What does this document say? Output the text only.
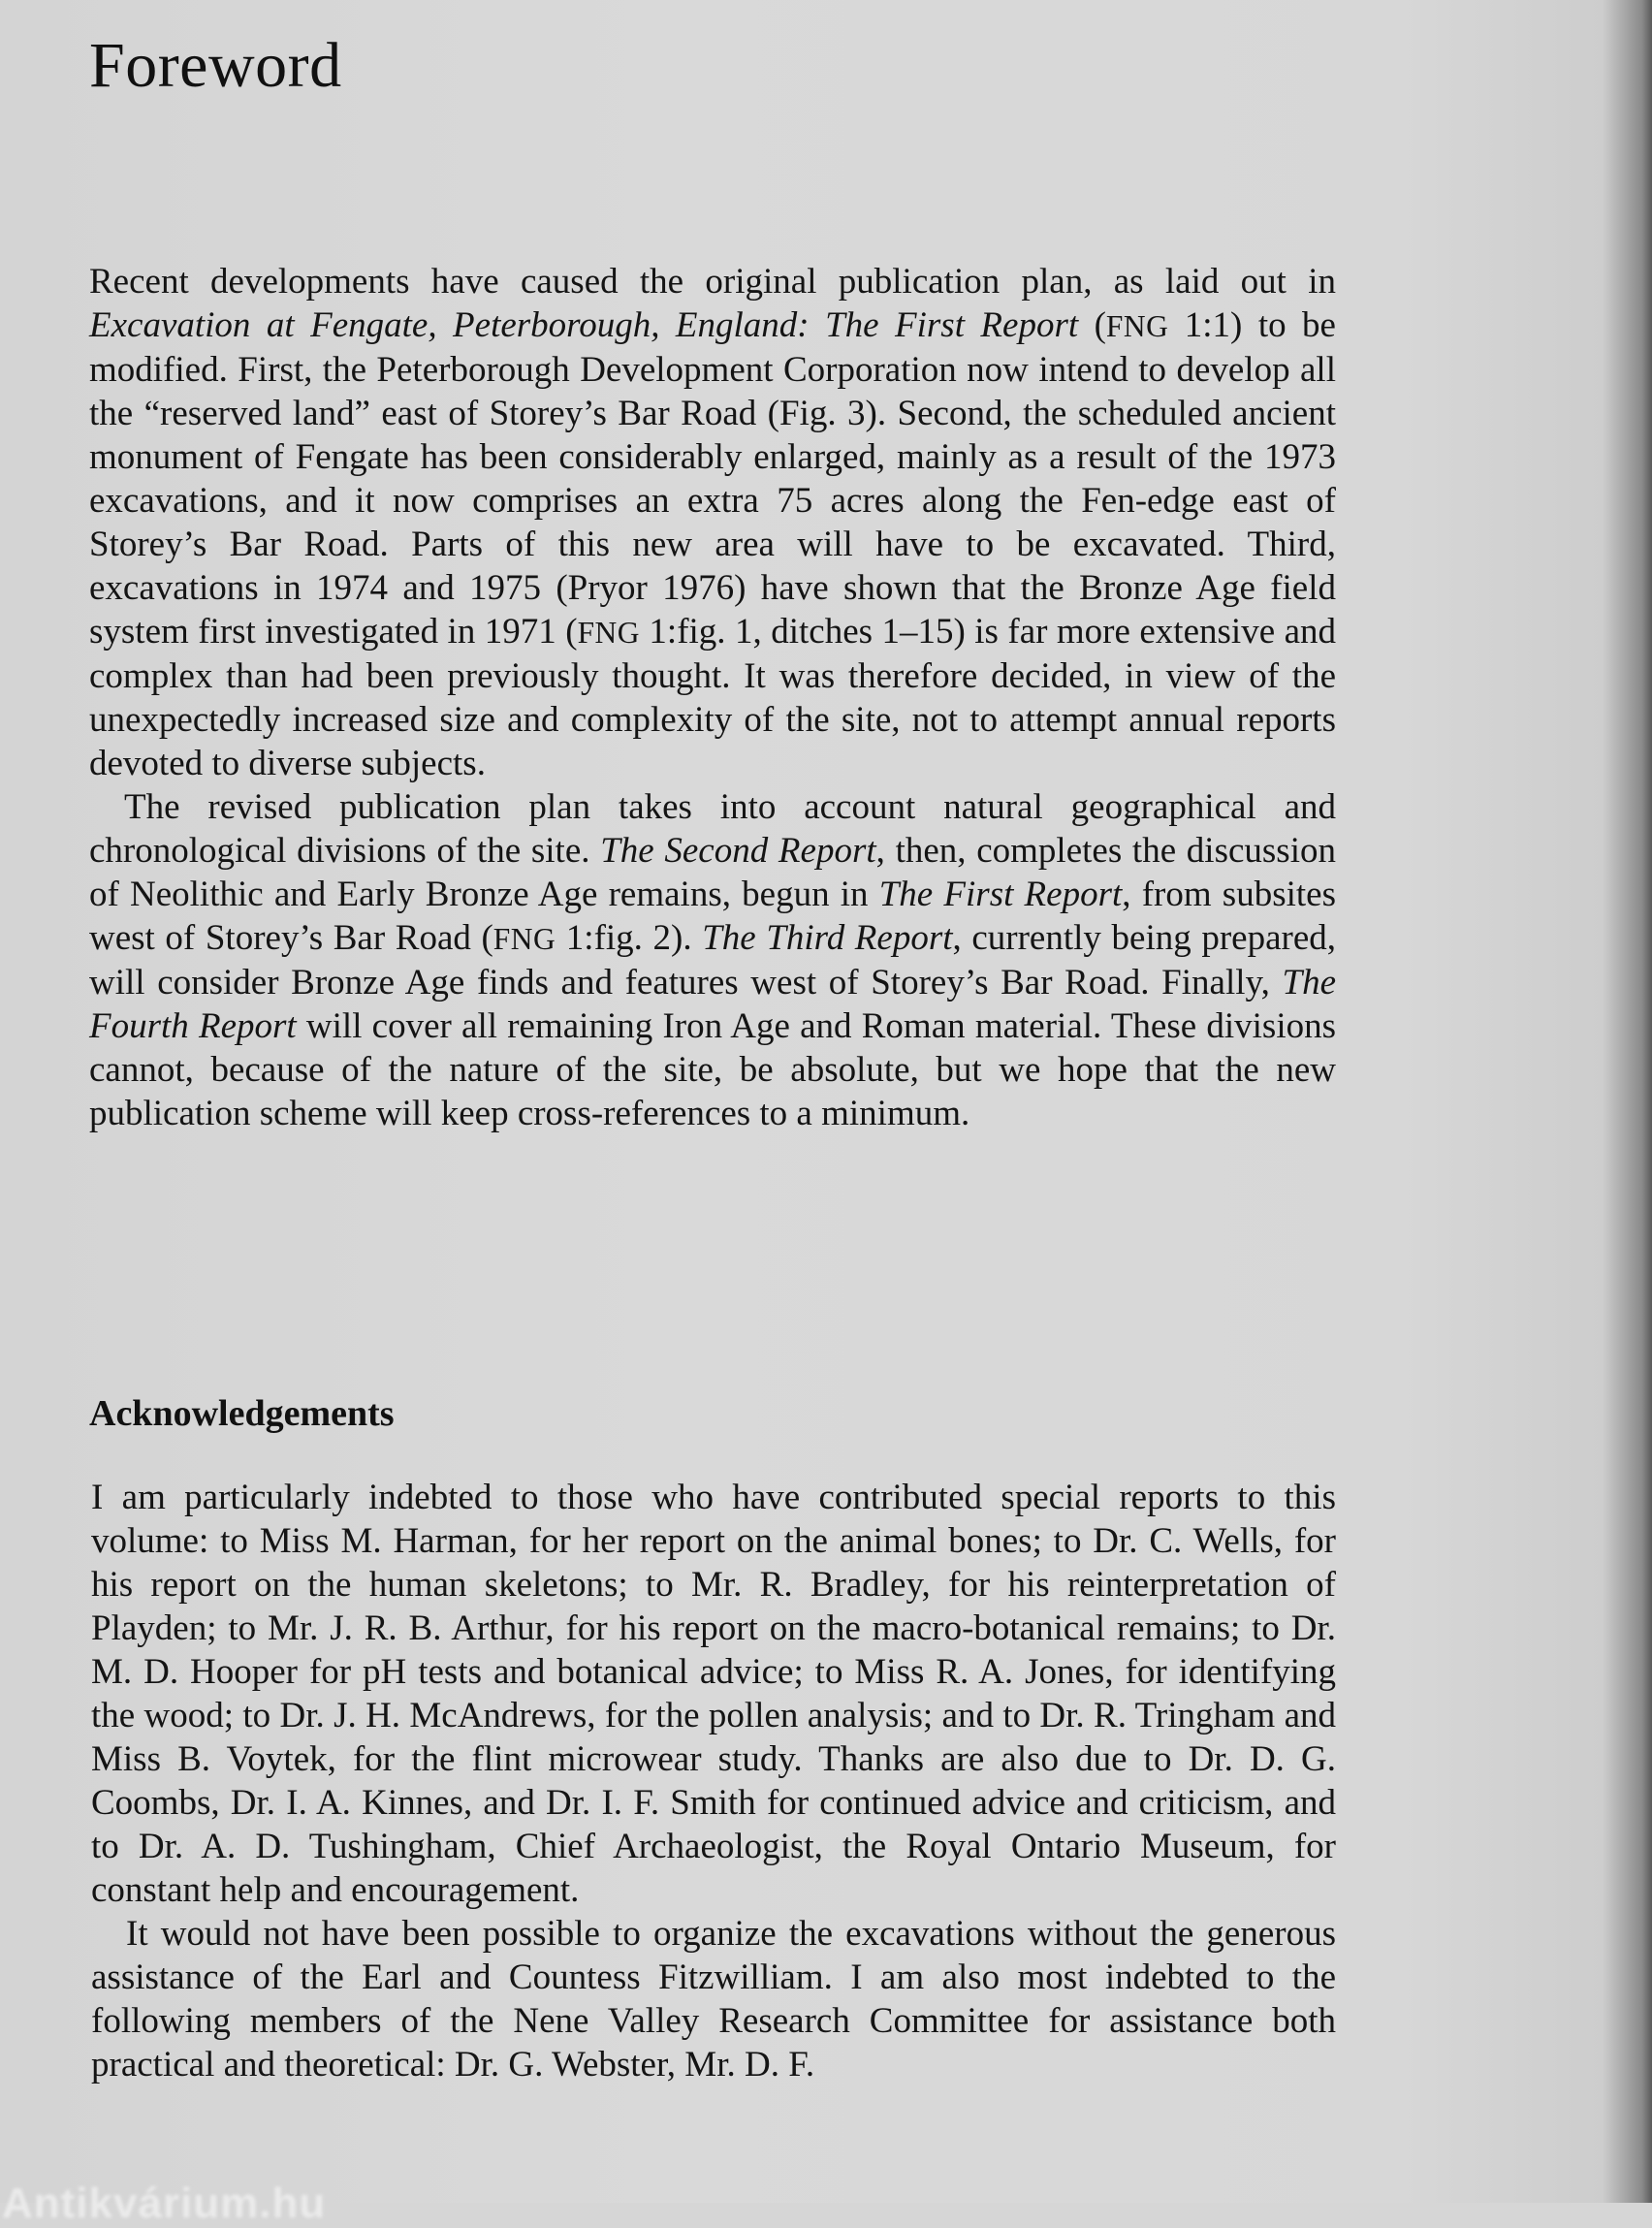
Foreword

Recent developments have caused the original publication plan, as laid out in Excavation at Fengate, Peterborough, England: The First Report (FNG 1:1) to be modified. First, the Peterborough Development Corporation now intend to develop all the “reserved land” east of Storey’s Bar Road (Fig. 3). Second, the scheduled ancient monument of Fengate has been considerably enlarged, mainly as a result of the 1973 excavations, and it now comprises an extra 75 acres along the Fen-edge east of Storey’s Bar Road. Parts of this new area will have to be excavated. Third, excavations in 1974 and 1975 (Pryor 1976) have shown that the Bronze Age field system first investigated in 1971 (FNG 1:fig. 1, ditches 1–15) is far more extensive and complex than had been previously thought. It was therefore decided, in view of the unexpectedly increased size and complexity of the site, not to attempt annual reports devoted to diverse subjects.

The revised publication plan takes into account natural geographical and chronological divisions of the site. The Second Report, then, completes the discussion of Neolithic and Early Bronze Age remains, begun in The First Report, from subsites west of Storey’s Bar Road (FNG 1:fig. 2). The Third Report, currently being prepared, will consider Bronze Age finds and features west of Storey’s Bar Road. Finally, The Fourth Report will cover all remaining Iron Age and Roman material. These divisions cannot, because of the nature of the site, be absolute, but we hope that the new publication scheme will keep cross-references to a minimum.

Acknowledgements

I am particularly indebted to those who have contributed special reports to this volume: to Miss M. Harman, for her report on the animal bones; to Dr. C. Wells, for his report on the human skeletons; to Mr. R. Bradley, for his reinterpretation of Playden; to Mr. J. R. B. Arthur, for his report on the macro-botanical remains; to Dr. M. D. Hooper for pH tests and botanical advice; to Miss R. A. Jones, for identifying the wood; to Dr. J. H. McAndrews, for the pollen analysis; and to Dr. R. Tringham and Miss B. Voytek, for the flint microwear study. Thanks are also due to Dr. D. G. Coombs, Dr. I. A. Kinnes, and Dr. I. F. Smith for continued advice and criticism, and to Dr. A. D. Tushingham, Chief Archaeologist, the Royal Ontario Museum, for constant help and encouragement.

It would not have been possible to organize the excavations without the generous assistance of the Earl and Countess Fitzwilliam. I am also most indebted to the following members of the Nene Valley Research Committee for assistance both practical and theoretical: Dr. G. Webster, Mr. D. F.

Antikvárium.hu
